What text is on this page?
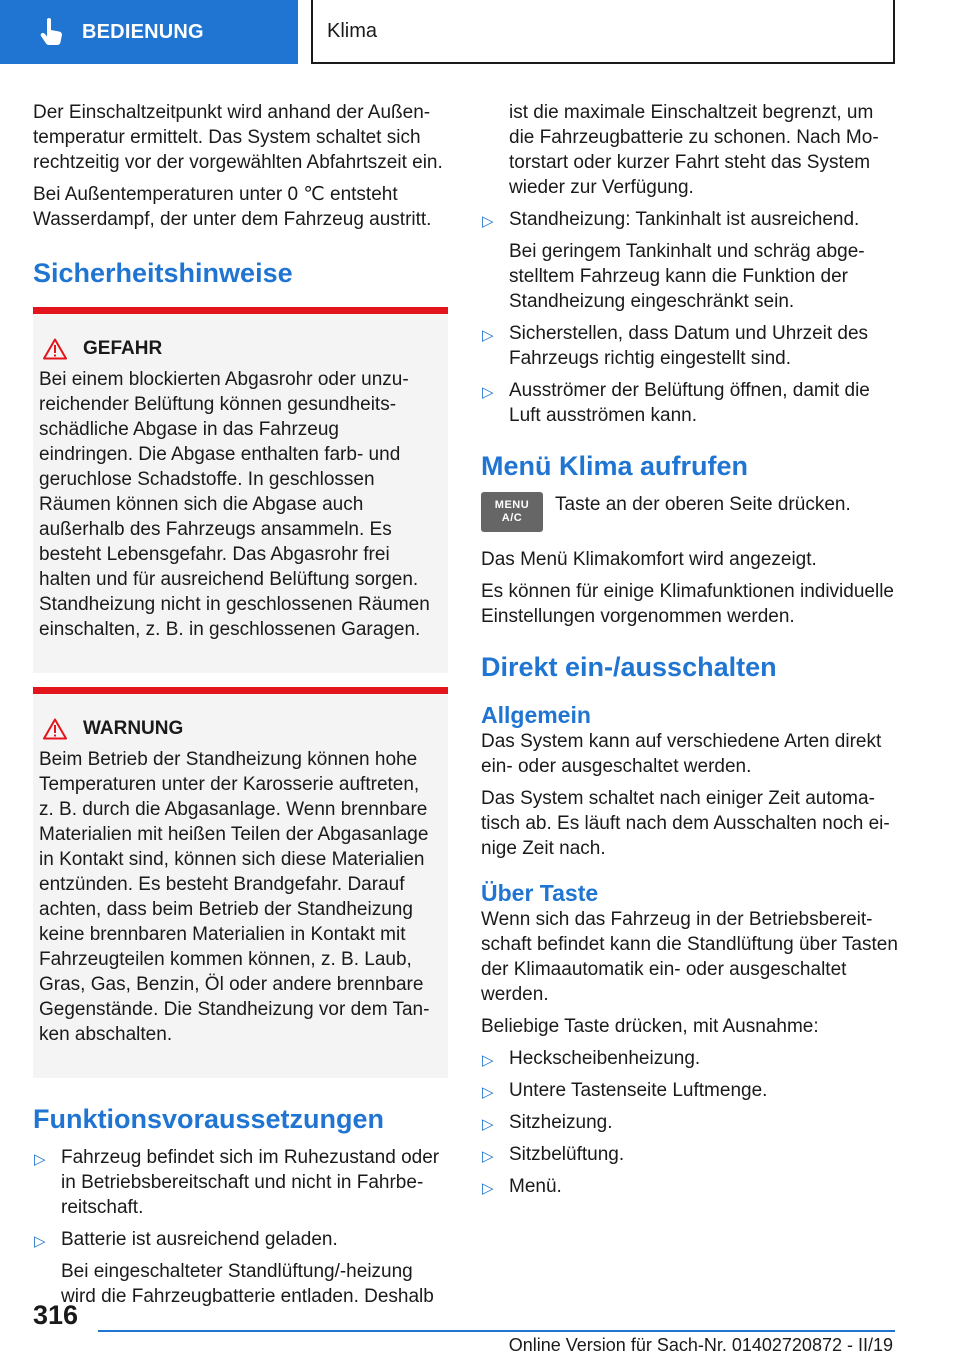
BEDIENUNG	Klima

Der Einschaltzeitpunkt wird anhand der Außentemperatur ermittelt. Das System schaltet sich rechtzeitig vor der vorgewählten Abfahrtszeit ein.

Bei Außentemperaturen unter 0 ℃ entsteht Wasserdampf, der unter dem Fahrzeug austritt.

Sicherheitshinweise
GEFAHR

Bei einem blockierten Abgasrohr oder unzureichender Belüftung können gesundheitsschädliche Abgase in das Fahrzeug eindringen. Die Abgase enthalten farb- und geruchlose Schadstoffe. In geschlossen Räumen können sich die Abgase auch außerhalb des Fahrzeugs ansammeln. Es besteht Lebensgefahr. Das Abgasrohr frei halten und für ausreichend Belüftung sorgen. Standheizung nicht in geschlossenen Räumen einschalten, z. B. in geschlossenen Garagen.

WARNUNG

Beim Betrieb der Standheizung können hohe Temperaturen unter der Karosserie auftreten, z. B. durch die Abgasanlage. Wenn brennbare Materialien mit heißen Teilen der Abgasanlage in Kontakt sind, können sich diese Materialien entzünden. Es besteht Brandgefahr. Darauf achten, dass beim Betrieb der Standheizung keine brennbaren Materialien in Kontakt mit Fahrzeugteilen kommen können, z. B. Laub, Gras, Gas, Benzin, Öl oder andere brennbare Gegenstände. Die Standheizung vor dem Tanken abschalten.

Funktionsvoraussetzungen
▷ Fahrzeug befindet sich im Ruhezustand oder in Betriebsbereitschaft und nicht in Fahrbereitschaft.
▷ Batterie ist ausreichend geladen.
Bei eingeschalteter Standlüftung/-heizung wird die Fahrzeugbatterie entladen. Deshalb
ist die maximale Einschaltzeit begrenzt, um die Fahrzeugbatterie zu schonen. Nach Motorstart oder kurzer Fahrt steht das System wieder zur Verfügung.
▷ Standheizung: Tankinhalt ist ausreichend.
Bei geringem Tankinhalt und schräg abgestelltem Fahrzeug kann die Funktion der Standheizung eingeschränkt sein.
▷ Sicherstellen, dass Datum und Uhrzeit des Fahrzeugs richtig eingestellt sind.
▷ Ausströmer der Belüftung öffnen, damit die Luft ausströmen kann.
Menü Klima aufrufen
MENU
A/C
Taste an der oberen Seite drücken.

Das Menü Klimakomfort wird angezeigt.

Es können für einige Klimafunktionen individuelle Einstellungen vorgenommen werden.

Direkt ein-/ausschalten
Allgemein

Das System kann auf verschiedene Arten direkt ein- oder ausgeschaltet werden.

Das System schaltet nach einiger Zeit automatisch ab. Es läuft nach dem Ausschalten noch einige Zeit nach.

Über Taste

Wenn sich das Fahrzeug in der Betriebsbereitschaft befindet kann die Standlüftung über Tasten der Klimaautomatik ein- oder ausgeschaltet werden.

Beliebige Taste drücken, mit Ausnahme:

▷ Heckscheibenheizung.
▷ Untere Tastenseite Luftmenge.
▷ Sitzheizung.
▷ Sitzbelüftung.
▷ Menü.
316
Online Version für Sach-Nr. 01402720872 - II/19
